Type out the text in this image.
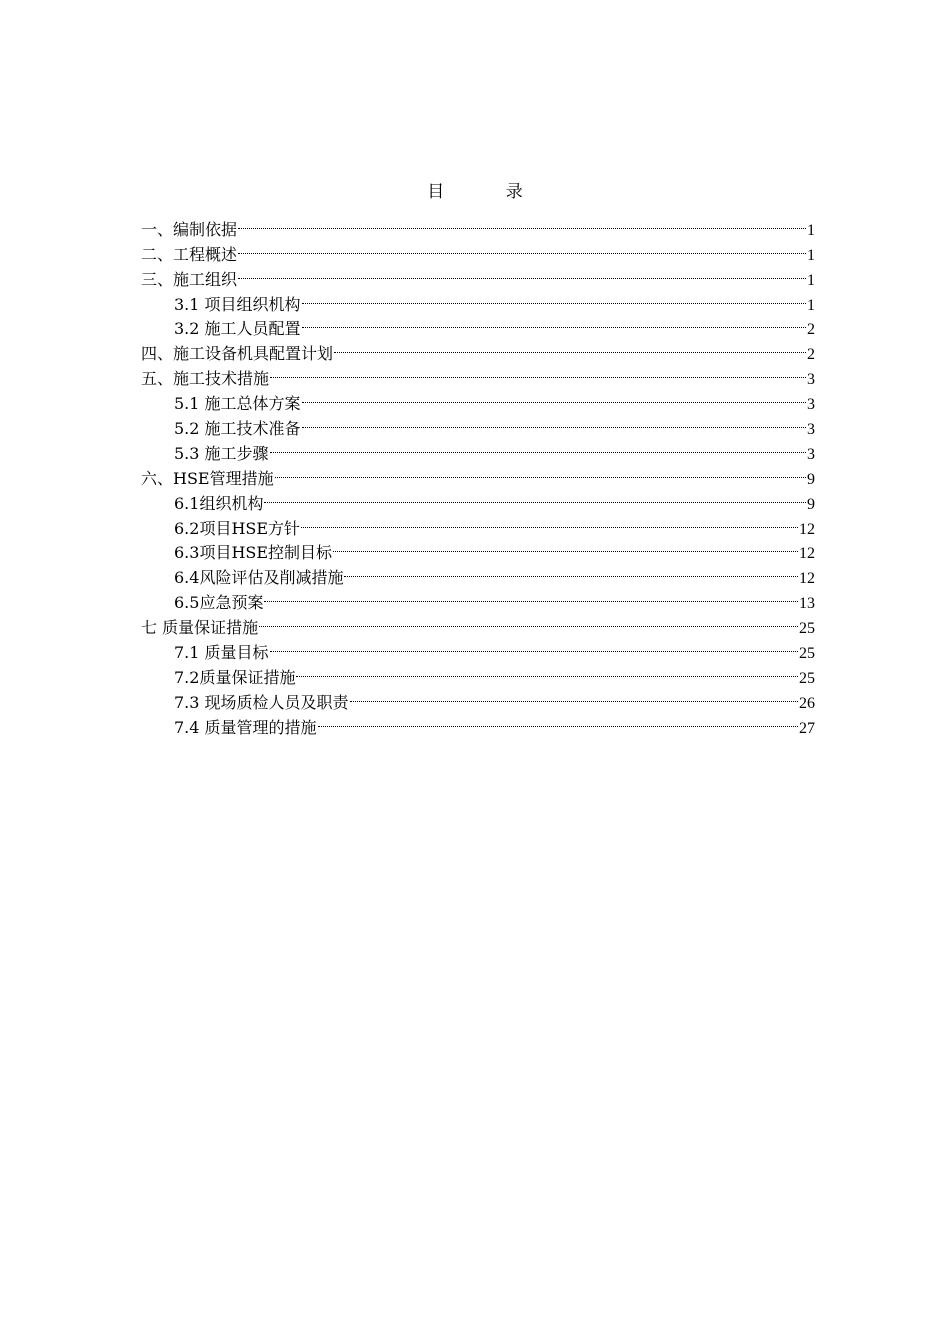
目 录
一、编制依据	1
二、工程概述	1
三、施工组织	1
3.1 项目组织机构	1
3.2 施工人员配置	2
四、施工设备机具配置计划	2
五、施工技术措施	3
5.1 施工总体方案	3
5.2 施工技术准备	3
5.3 施工步骤	3
六、HSE管理措施	9
6.1组织机构	9
6.2项目HSE方针	12
6.3项目HSE控制目标	12
6.4风险评估及削减措施	12
6.5应急预案	13
七 质量保证措施	25
7.1 质量目标	25
7.2质量保证措施	25
7.3 现场质检人员及职责	26
7.4 质量管理的措施	27
